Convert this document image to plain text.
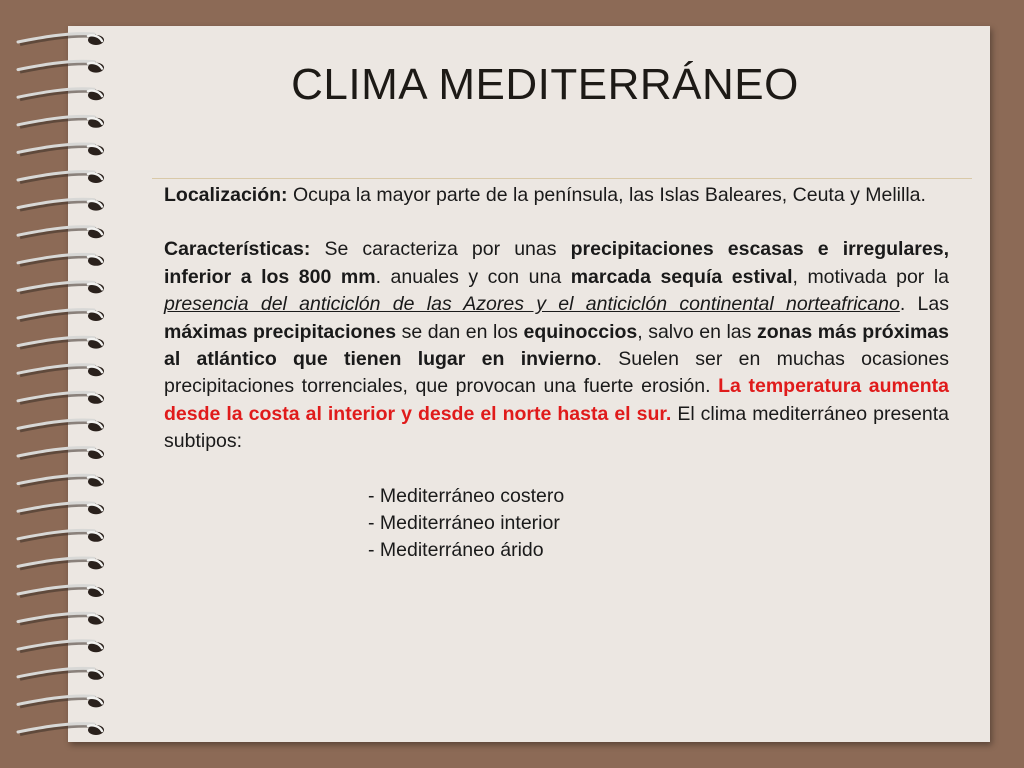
CLIMA MEDITERRÁNEO

Localización: Ocupa la mayor parte de la península, las Islas Baleares, Ceuta y Melilla.

Características: Se caracteriza por unas precipitaciones escasas e irregulares, inferior a los 800 mm. anuales y con una marcada sequía estival, motivada por la presencia del anticiclón de las Azores y el anticiclón continental norteafricano. Las máximas precipitaciones se dan en los equinoccios, salvo en las zonas más próximas al atlántico que tienen lugar en invierno. Suelen ser en muchas ocasiones precipitaciones torrenciales, que provocan una fuerte erosión. La temperatura aumenta desde la costa al interior y desde el norte hasta el sur. El clima mediterráneo presenta subtipos:

- Mediterráneo costero
- Mediterráneo interior
- Mediterráneo árido
